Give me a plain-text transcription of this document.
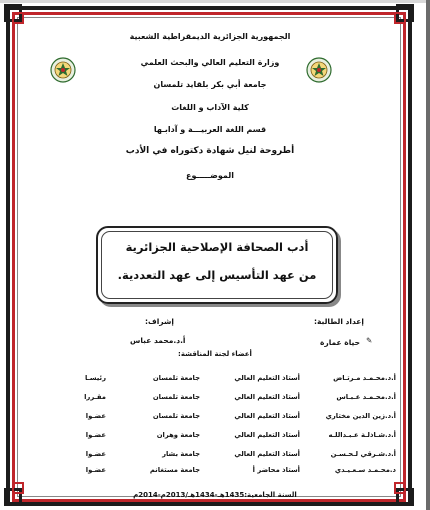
الجمهورية الجزائرية الديمقراطية الشعبية
وزارة التعليم العالي والبحث العلمي
جامعة أبي بكر بلقايد تلمسان
كلية الآداب و اللغات
قسم اللغة العربيـــة و آدابـها
أطروحة لنيل شهادة دكتوراه في الأدب
الموضـــــوع
أدب الصحافة الإصلاحية الجزائرية
من عهد التأسيس إلى عهد التعددية.
إعداد الطالبة:
إشراف:
✎
حياة عمارة
أ.د.محمد عباس
أعضاء لجنة المناقشة:
أ.د.محـمـد مـرتـاض
أستاذ التعليم العالي
جامعة تلمسان
رئيسـا
أ.د.محـمـد عـبـاس
أستاذ التعليم العالي
جامعة تلمسان
مقـررا
أ.د.زين الدين مختاري
أستاذ التعليم العالي
جامعة تلمسان
عضـوا
أ.د.شـاذلـة عـبـداللـه
أستاذ التعليم العالي
جامعة وهران
عضـوا
أ.د.شـرقي لـحـسـن
أستاذ التعليم العالي
جامعة بشار
عضـوا
د.محـمـد سـعـيـدي
أستاذ محاضر أ
جامعة مستغانم
عضـوا
السنة الجامعية:1435هـ-1434هـ/2013م-2014م
